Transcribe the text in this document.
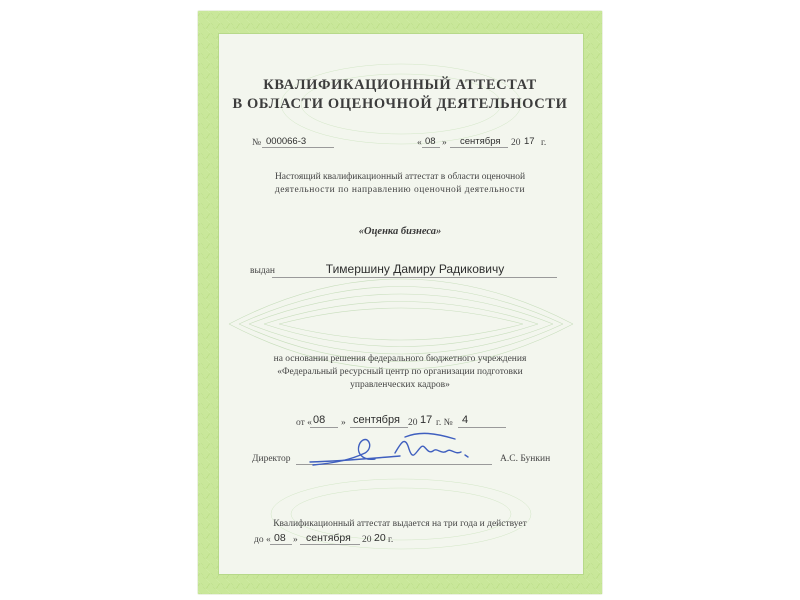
КВАЛИФИКАЦИОННЫЙ АТТЕСТАТ
В ОБЛАСТИ ОЦЕНОЧНОЙ ДЕЯТЕЛЬНОСТИ
№ 000066-3	« 08 » сентября 20 17 г.
Настоящий квалификационный аттестат в области оценочной
деятельности по направлению оценочной деятельности
«Оценка бизнеса»
выдан	Тимершину Дамиру Радиковичу
на основании решения федерального бюджетного учреждения
«Федеральный ресурсный центр по организации подготовки
управленческих кадров»
от « 08 » сентября 20 17 г. № 4
Директор	А.С. Бункин
Квалификационный аттестат выдается на три года и действует
до « 08 » сентября 20 20 г.
